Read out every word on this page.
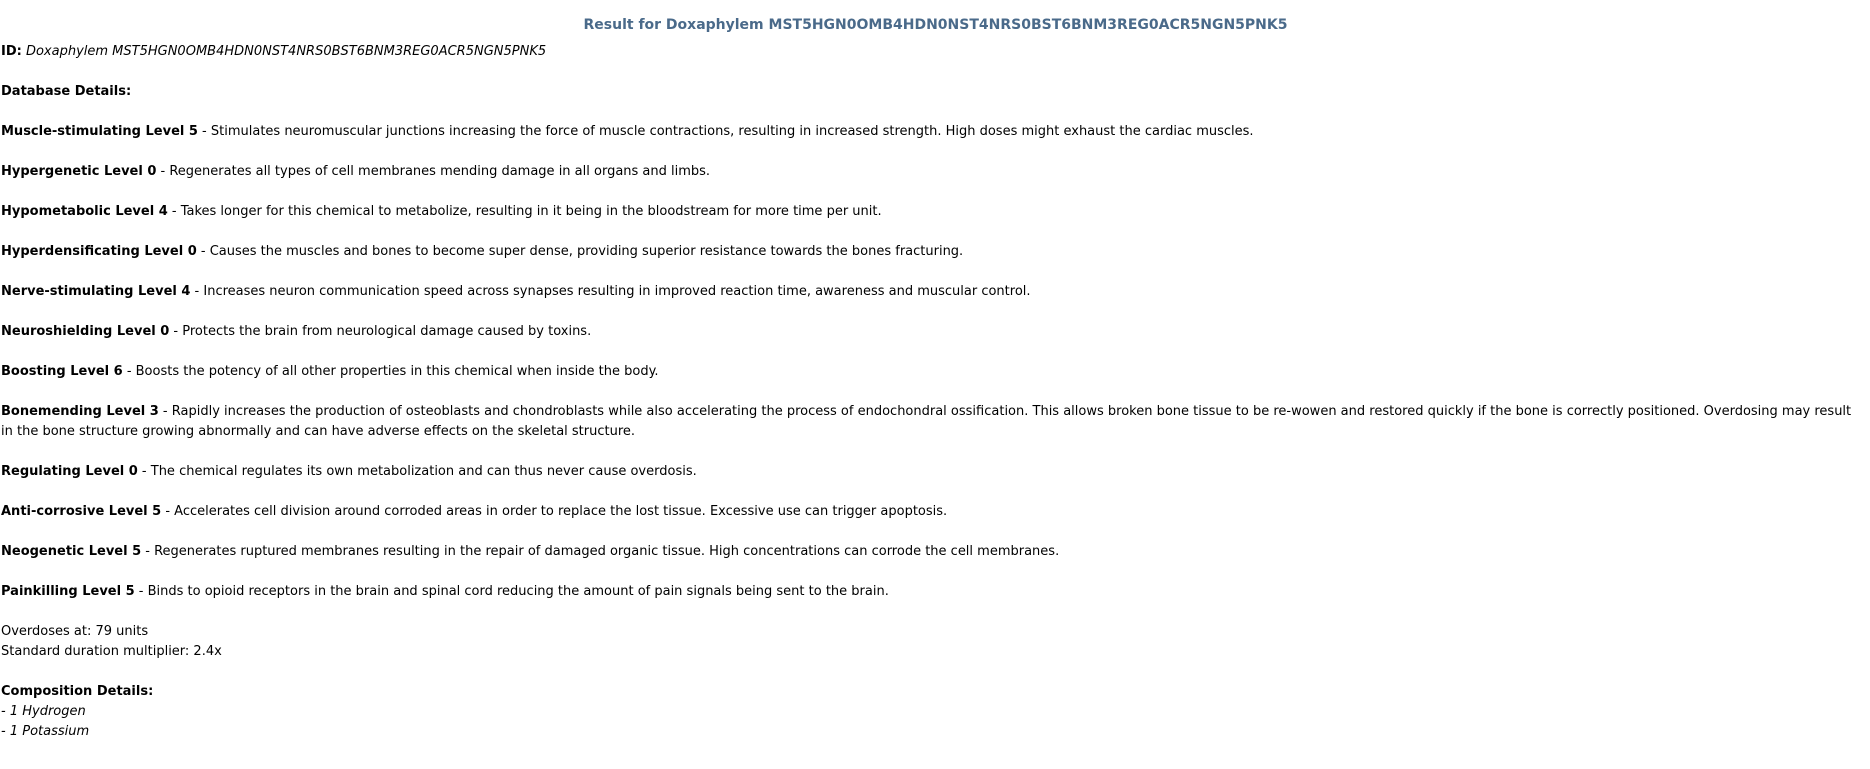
Result for Doxaphylem MST5HGN0OMB4HDN0NST4NRS0BST6BNM3REG0ACR5NGN5PNK5
ID: Doxaphylem MST5HGN0OMB4HDN0NST4NRS0BST6BNM3REG0ACR5NGN5PNK5
Database Details:
Muscle-stimulating Level 5 - Stimulates neuromuscular junctions increasing the force of muscle contractions, resulting in increased strength. High doses might exhaust the cardiac muscles.
Hypergenetic Level 0 - Regenerates all types of cell membranes mending damage in all organs and limbs.
Hypometabolic Level 4 - Takes longer for this chemical to metabolize, resulting in it being in the bloodstream for more time per unit.
Hyperdensificating Level 0 - Causes the muscles and bones to become super dense, providing superior resistance towards the bones fracturing.
Nerve-stimulating Level 4 - Increases neuron communication speed across synapses resulting in improved reaction time, awareness and muscular control.
Neuroshielding Level 0 - Protects the brain from neurological damage caused by toxins.
Boosting Level 6 - Boosts the potency of all other properties in this chemical when inside the body.
Bonemending Level 3 - Rapidly increases the production of osteoblasts and chondroblasts while also accelerating the process of endochondral ossification. This allows broken bone tissue to be re-wowen and restored quickly if the bone is correctly positioned. Overdosing may result in the bone structure growing abnormally and can have adverse effects on the skeletal structure.
Regulating Level 0 - The chemical regulates its own metabolization and can thus never cause overdosis.
Anti-corrosive Level 5 - Accelerates cell division around corroded areas in order to replace the lost tissue. Excessive use can trigger apoptosis.
Neogenetic Level 5 - Regenerates ruptured membranes resulting in the repair of damaged organic tissue. High concentrations can corrode the cell membranes.
Painkilling Level 5 - Binds to opioid receptors in the brain and spinal cord reducing the amount of pain signals being sent to the brain.
Overdoses at: 79 units
Standard duration multiplier: 2.4x
Composition Details:
- 1 Hydrogen
- 1 Potassium
